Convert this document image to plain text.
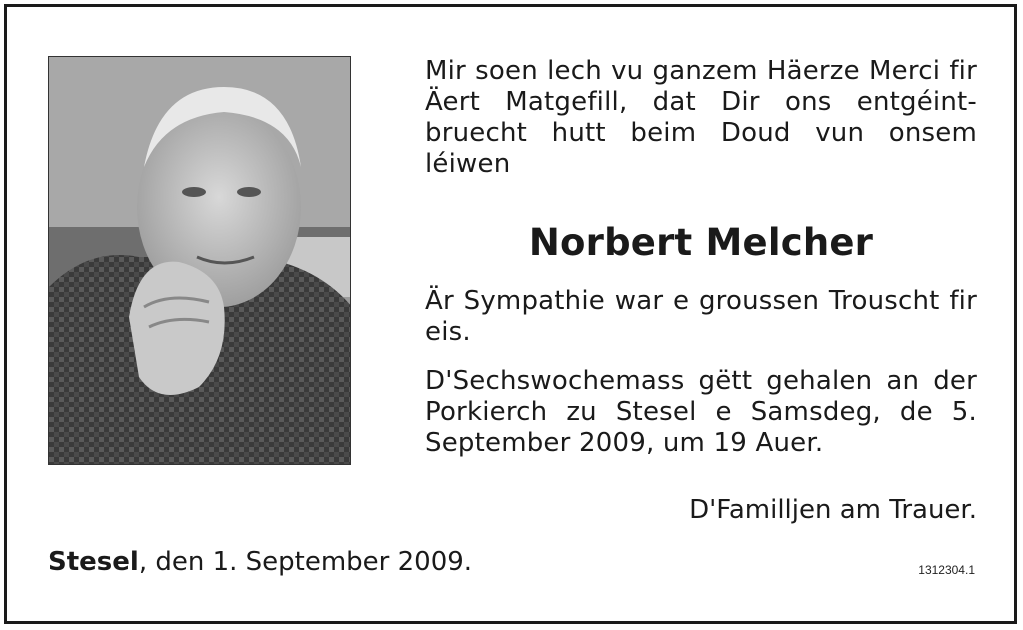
Mir soen lech vu ganzem Häerze Merci fir Äert Matgefill, dat Dir ons entgéint-bruecht hutt beim Doud vun onsem léiwen

Norbert Melcher

Är Sympathie war e groussen Trouscht fir eis.

D'Sechswochemass gëtt gehalen an der Porkierch zu Stesel e Samsdeg, de 5. September 2009, um 19 Auer.

D'Familljen am Trauer.
Stesel, den 1. September 2009.	1312304.1
